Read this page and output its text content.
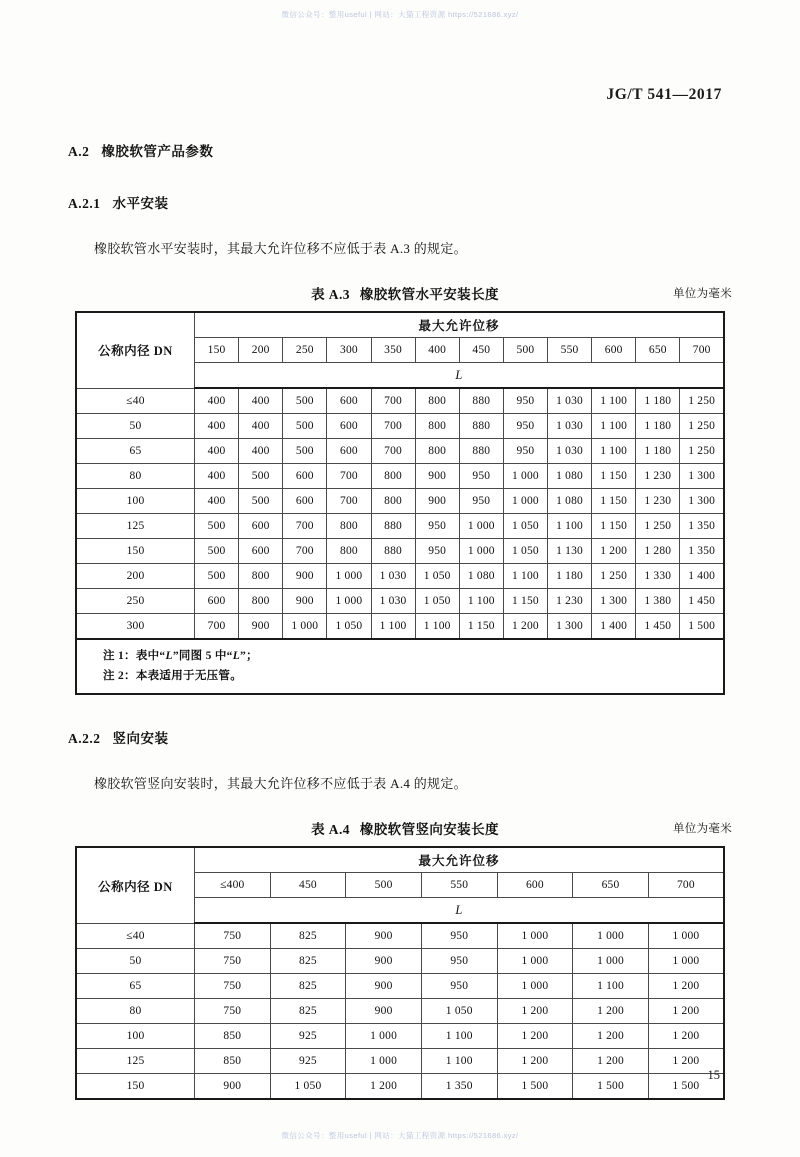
微信公众号：整用useful | 网站：大猫工程资源 https://521686.xyz/
JG/T 541—2017
A.2 橡胶软管产品参数
A.2.1 水平安装
橡胶软管水平安装时，其最大允许位移不应低于表 A.3 的规定。
表 A.3 橡胶软管水平安装长度	单位为毫米
公称内径 DN	最大允许位移											
	150	200	250	300	350	400	450	500	550	600	650	700
	L											
≤40	400	400	500	600	700	800	880	950	1 030	1 100	1 180	1 250
50	400	400	500	600	700	800	880	950	1 030	1 100	1 180	1 250
65	400	400	500	600	700	800	880	950	1 030	1 100	1 180	1 250
80	400	500	600	700	800	900	950	1 000	1 080	1 150	1 230	1 300
100	400	500	600	700	800	900	950	1 000	1 080	1 150	1 230	1 300
125	500	600	700	800	880	950	1 000	1 050	1 100	1 150	1 250	1 350
150	500	600	700	800	880	950	1 000	1 050	1 130	1 200	1 280	1 350
200	500	800	900	1 000	1 030	1 050	1 080	1 100	1 180	1 250	1 330	1 400
250	600	800	900	1 000	1 030	1 050	1 100	1 150	1 230	1 300	1 380	1 450
300	700	900	1 000	1 050	1 100	1 100	1 150	1 200	1 300	1 400	1 450	1 500

注 1：表中“L”同图 5 中“L”；
注 2：本表适用于无压管。												
A.2.2 竖向安装
橡胶软管竖向安装时，其最大允许位移不应低于表 A.4 的规定。
表 A.4 橡胶软管竖向安装长度	单位为毫米
公称内径 DN	最大允许位移						
	≤400	450	500	550	600	650	700
	L						
≤40	750	825	900	950	1 000	1 000	1 000
50	750	825	900	950	1 000	1 000	1 000
65	750	825	900	950	1 000	1 100	1 200
80	750	825	900	1 050	1 200	1 200	1 200
100	850	925	1 000	1 100	1 200	1 200	1 200
125	850	925	1 000	1 100	1 200	1 200	1 200
150	900	1 050	1 200	1 350	1 500	1 500	1 500
15
微信公众号：整用useful | 网站：大猫工程资源 https://521686.xyz/
